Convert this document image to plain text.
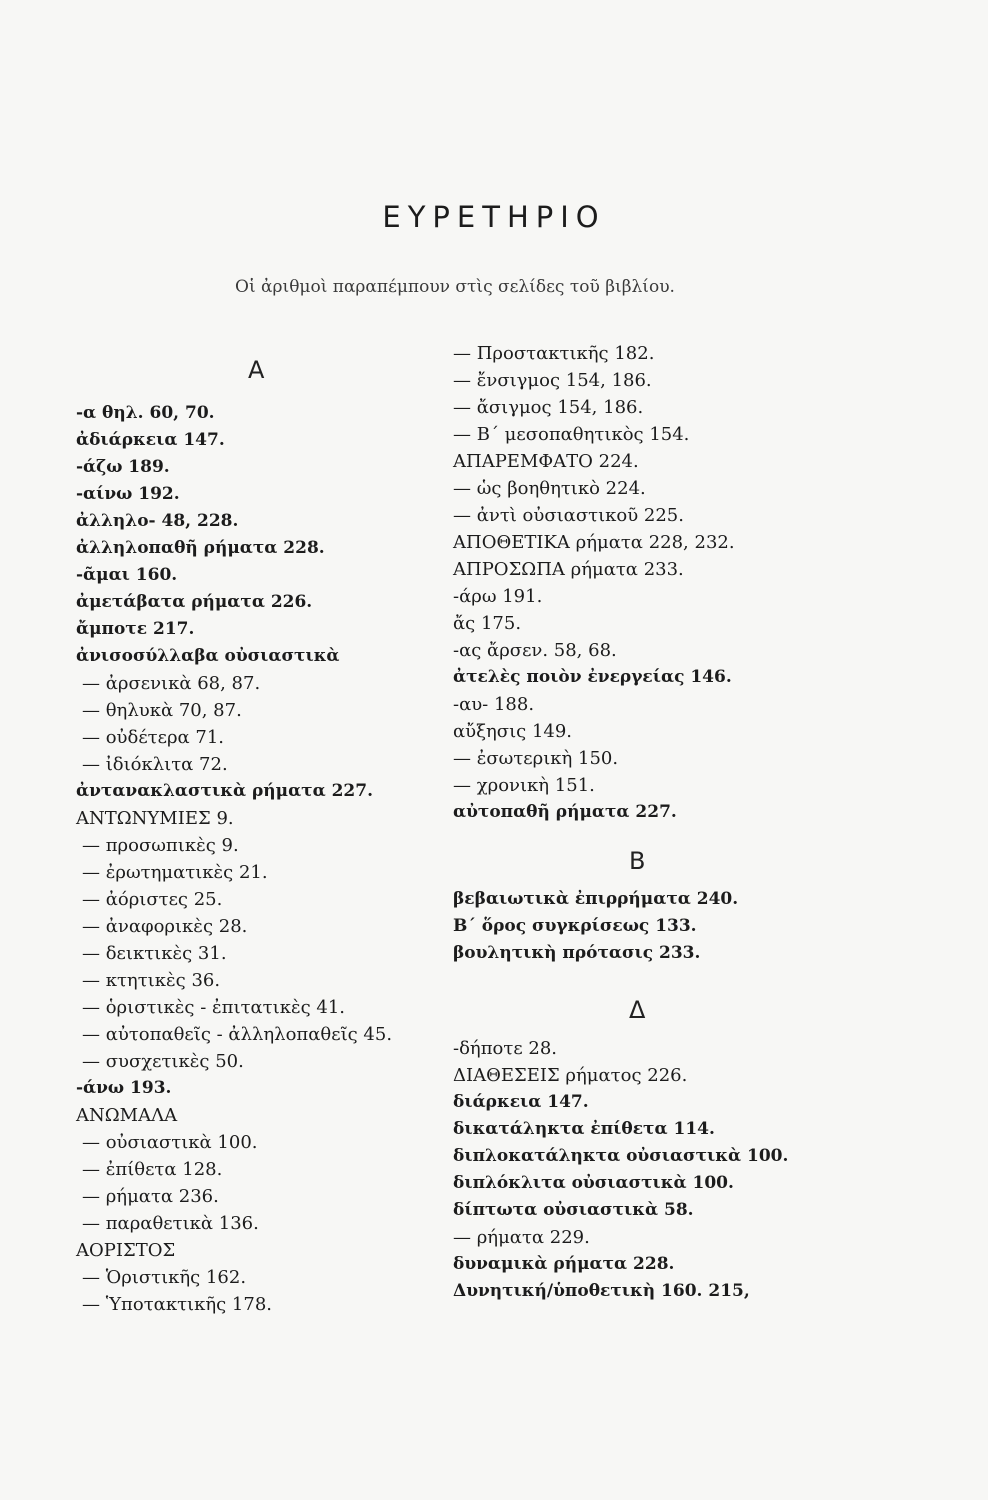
ΕΥΡΕΤΗΡΙΟ
Οἱ ἀριθμοὶ παραπέμπουν στὶς σελίδες τοῦ βιβλίου.
Α
-α θηλ. 60, 70.
ἀδιάρκεια 147.
-άζω 189.
-αίνω 192.
ἀλληλο- 48, 228.
ἀλληλοπαθῆ ρήματα 228.
-ᾶμαι 160.
ἀμετάβατα ρήματα 226.
ἄμποτε 217.
ἀνισοσύλλαβα οὐσιαστικὰ
— ἀρσενικὰ 68, 87.
— θηλυκὰ 70, 87.
— οὐδέτερα 71.
— ἰδιόκλιτα 72.
ἀντανακλαστικὰ ρήματα 227.
ΑΝΤΩΝΥΜΙΕΣ 9.
— προσωπικὲς 9.
— ἐρωτηματικὲς 21.
— ἀόριστες 25.
— ἀναφορικὲς 28.
— δεικτικὲς 31.
— κτητικὲς 36.
— ὁριστικὲς - ἐπιτατικὲς 41.
— αὐτοπαθεῖς - ἀλληλοπαθεῖς 45.
— συσχετικὲς 50.
-άνω 193.
ΑΝΩΜΑΛΑ
— οὐσιαστικὰ 100.
— ἐπίθετα 128.
— ρήματα 236.
— παραθετικὰ 136.
ΑΟΡΙΣΤΟΣ
— Ὁριστικῆς 162.
— Ὑποτακτικῆς 178.
— Προστακτικῆς 182.
— ἔνσιγμος 154, 186.
— ἄσιγμος 154, 186.
— Β΄ μεσοπαθητικὸς 154.
ΑΠΑΡΕΜΦΑΤΟ 224.
— ὡς βοηθητικὸ 224.
— ἀντὶ οὐσιαστικοῦ 225.
ΑΠΟΘΕΤΙΚΑ ρήματα 228, 232.
ΑΠΡΟΣΩΠΑ ρήματα 233.
-άρω 191.
ἄς 175.
-ας ἄρσεν. 58, 68.
ἀτελὲς ποιὸν ἐνεργείας 146.
-αυ- 188.
αὔξησις 149.
— ἐσωτερικὴ 150.
— χρονικὴ 151.
αὐτοπαθῆ ρήματα 227.
Β
βεβαιωτικὰ ἐπιρρήματα 240.
Β΄ ὅρος συγκρίσεως 133.
βουλητικὴ πρότασις 233.
Δ
-δήποτε 28.
ΔΙΑΘΕΣΕΙΣ ρήματος 226.
διάρκεια 147.
δικατάληκτα ἐπίθετα 114.
διπλοκατάληκτα οὐσιαστικὰ 100.
διπλόκλιτα οὐσιαστικὰ 100.
δίπτωτα οὐσιαστικὰ 58.
— ρήματα 229.
δυναμικὰ ρήματα 228.
Δυνητική/ὑποθετικὴ 160. 215,
